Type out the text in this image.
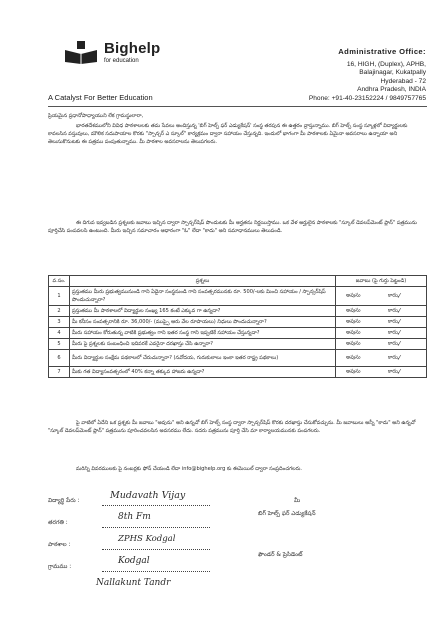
Bighelp
for education
A Catalyst For Better Education
Administrative Office:
16, HIGH, (Duplex), APHB,
Balajinagar, Kukatpally
Hyderabad - 72
Andhra Pradesh, INDIA
Phone: +91-40-23152224 / 9849757765
ప్రియమైన ప్రధానోపాధ్యాయుని లేక గ్రామస్థులారా,
భారతదేశములోని వివిధ పాఠశాలలకు తమ సేవలు అందిస్తున్న 'బిగ్ హెల్ప్ ఫర్ ఎడ్యుకేషన్' సంస్థ తరపున ఈ ఉత్తరం వ్రాస్తున్నాము. బిగ్ హెల్ప్ సంస్థ స్కూళ్లలో విద్యార్థులకు కావలసిన వస్తువులు, మౌలిక సదుపాయాల కొరకు "స్పాన్సర్ ఎ స్కూల్" కార్యక్రమం ద్వారా సహాయం చేస్తున్నది. ఇందులో భాగంగా మీ పాఠశాలకు ఏమైనా అవసరాలు ఉన్నాయా అని తెలుసుకొనుటకు ఈ పత్రము పంపుతున్నాము. మీ పాఠశాల అవసరాలను తెలుపగలరు.
ఈ దిగువ ఇవ్వబడిన ప్రశ్నలకు జవాబు ఇచ్చిన ద్వారా స్పాన్సర్‌షిప్ పొందుటకు మీ అర్హతను నిర్ణయిస్తాము. ఒక వేళ అర్హులైన పాఠశాలకు "స్కూల్ డెవలప్‌మెంట్ ప్లాన్" పత్రమును పూర్తిచేసి పంపవలసి ఉంటుంది. మీరు ఇచ్చిన సమాచారం ఆధారంగా "ఓ" లేదా "కాదు" అని సమాధానములు తెలుపండి.
వ.సం.	ప్రశ్నలు	జవాబు (పై గుర్తు పెట్టండి)
1	ప్రస్తుతము మీరు ప్రభుత్వమునుండి గాని ఏదైనా సంస్థనుండి గాని సంవత్సరమునకు రూ. 500/-లకు మించి సహాయం / స్పాన్సర్‌షిప్ పొందుచున్నారా?	అవును కాదు
✓

2	ప్రస్తుతము మీ పాఠశాలలో విద్యార్థుల సంఖ్య 165 కంటే ఎక్కువ గా ఉన్నదా?	అవును కాదు
✓

3	మీ కనీసం సంవత్సరానికి రూ. 36,000/- (ముప్పై ఆరు వేల రూపాయలు) నిధులు పొందుచున్నారా?	అవును కాదు
✓

4	మీరు సహాయం కోరుతున్న వాటికి ప్రభుత్వం గాని ఇతర సంస్థ గాని ఇప్పటికే సహాయం చేస్తున్నదా?	అవును కాదు
✓

5	మీరు పై ప్రశ్నలకు సంబంధించి ఇదివరకే ఎవరైనా దరఖాస్తు చేసి ఉన్నారా?	అవును కాదు
✓

6	మీరు విద్యార్థుల సంక్షేమ పథకాలలో చేరుచున్నారా? (నవోదయ, గురుకులాలు ఇంకా ఇతర రాష్ట్ర పథకాలు)	అవును కాదు
✓

7	మీకు గత విద్యాసంవత్సరంలో 40% కన్నా తక్కువ హాజరు ఉన్నదా?	అవును కాదు
✓
పై వాటిలో ఏదేని ఒక ప్రశ్నకు మీ జవాబు "అవును" అని ఉన్నచో బిగ్ హెల్ప్ సంస్థ ద్వారా స్పాన్సర్‌షిప్ కొరకు దరఖాస్తు చేసుకోవచ్చును. మీ జవాబులు అన్నీ "కాదు" అని ఉన్నచో "స్కూల్ డెవలప్‌మెంట్ ప్లాన్" పత్రమును పూరించవలసిన అవసరము లేదు. సదరు పత్రమును పూర్తి చేసి మా కార్యాలయమునకు పంపగలరు.
మరిన్ని వివరములకు పై నంబర్లకు ఫోన్ చేయండి లేదా info@bighelp.org కు ఈమెయిల్ ద్వారా సంప్రదించగలరు.
విద్యార్థి పేరు :	Mudavath Vijay
తరగతి :
8th Fm
పాఠశాల :
ZPHS Kodgal
గ్రామము :
Kodgal
Nallakunt Tandr
మీ
బిగ్ హెల్ప్ ఫర్ ఎడ్యుకేషన్
ఫౌండర్ & ప్రెసిడెంట్
